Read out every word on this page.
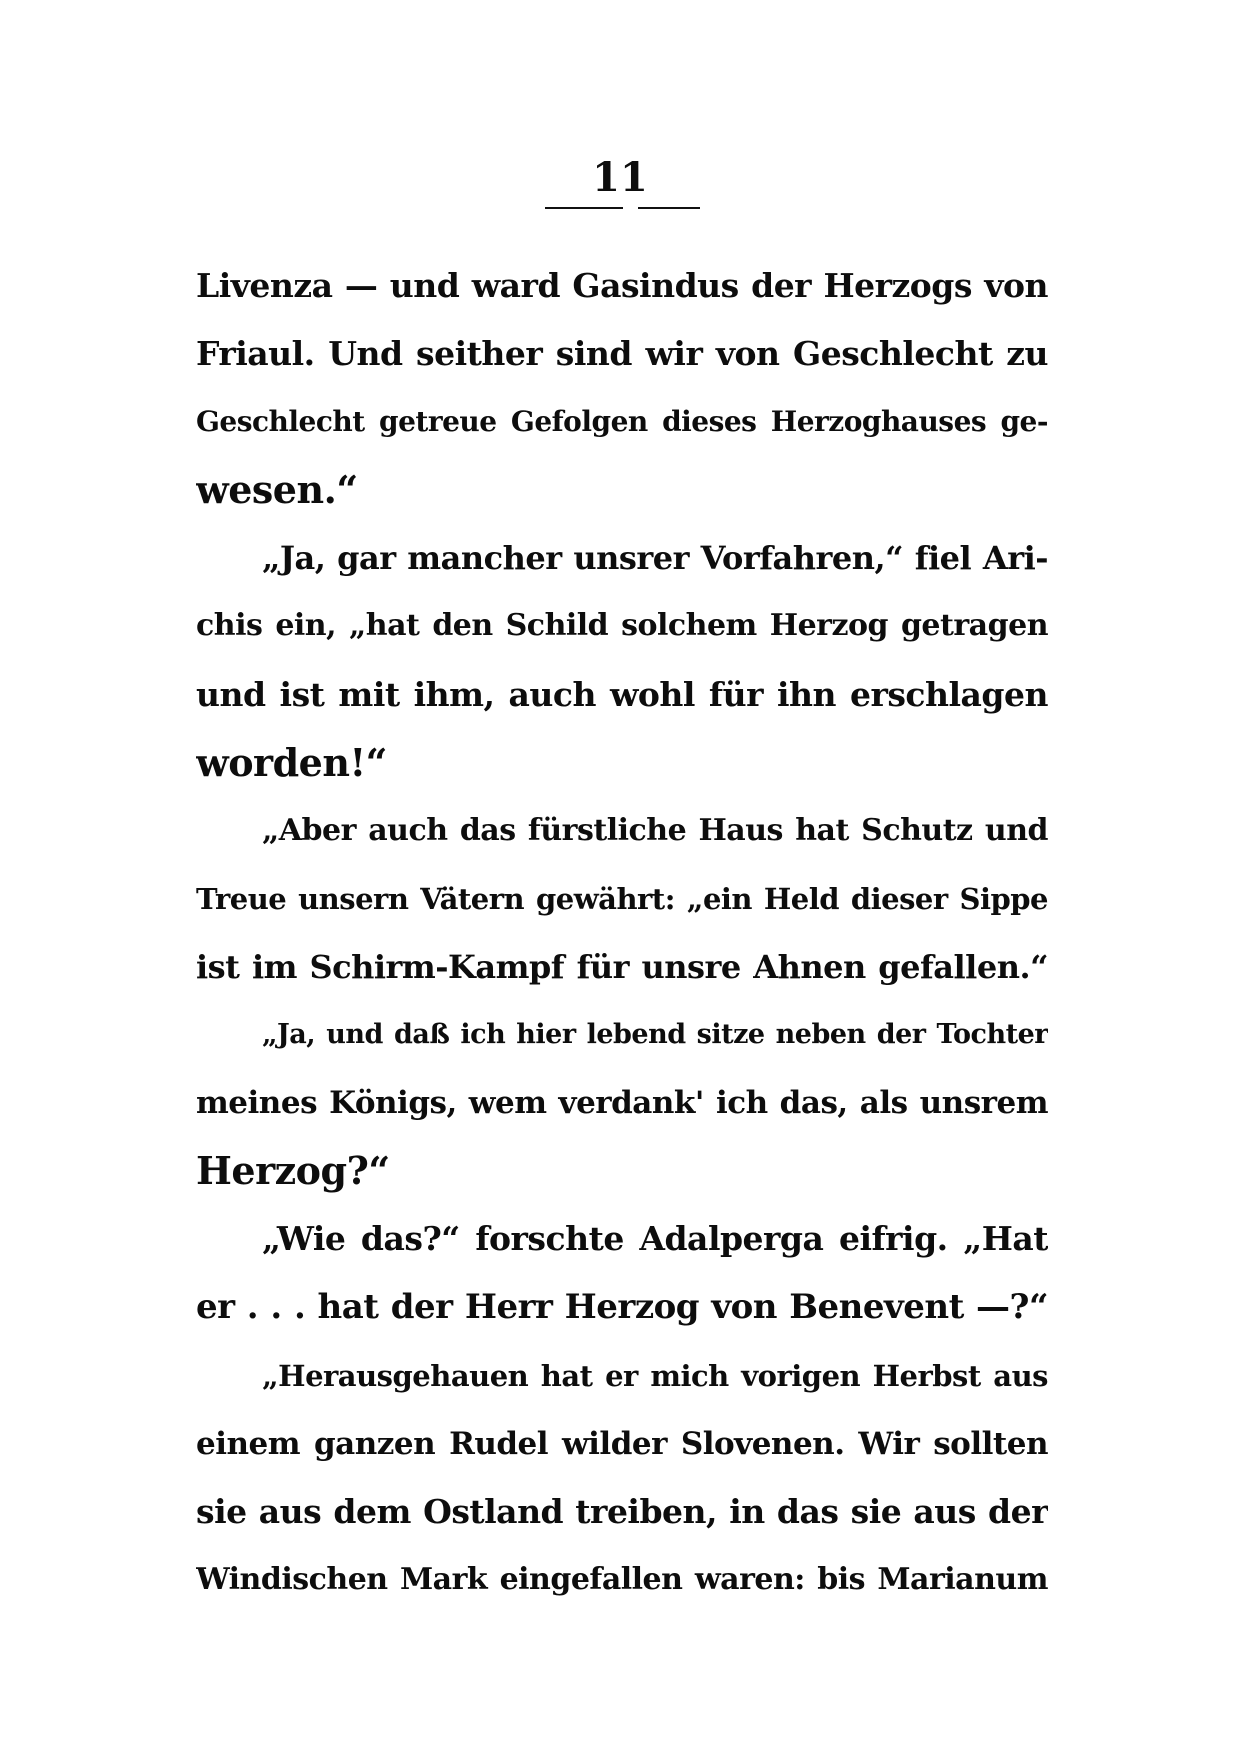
11
Livenza — und ward Gasindus der Herzogs von
Friaul. Und seither sind wir von Geschlecht zu
Geschlecht getreue Gefolgen dieses Herzoghauses ge-
wesen.“
„Ja, gar mancher unsrer Vorfahren,“ fiel Ari-
chis ein, „hat den Schild solchem Herzog getragen
und ist mit ihm, auch wohl für ihn erschlagen
worden!“
„Aber auch das fürstliche Haus hat Schutz und
Treue unsern Vätern gewährt: „ein Held dieser Sippe
ist im Schirm-Kampf für unsre Ahnen gefallen.“
„Ja, und daß ich hier lebend sitze neben der Tochter
meines Königs, wem verdank' ich das, als unsrem
Herzog?“
„Wie das?“ forschte Adalperga eifrig. „Hat
er . . . hat der Herr Herzog von Benevent —?“
„Herausgehauen hat er mich vorigen Herbst aus
einem ganzen Rudel wilder Slovenen. Wir sollten
sie aus dem Ostland treiben, in das sie aus der
Windischen Mark eingefallen waren: bis Marianum
